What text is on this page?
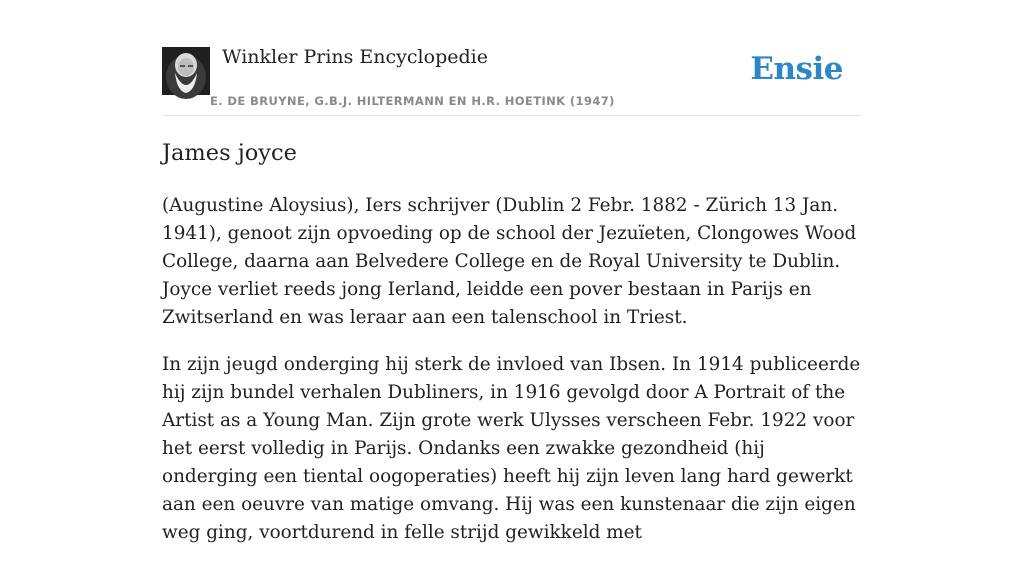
Winkler Prins Encyclopedie
E. DE BRUYNE, G.B.J. HILTERMANN EN H.R. HOETINK (1947)
Ensie
James joyce

(Augustine Aloysius), Iers schrijver (Dublin 2 Febr. 1882 - Zürich 13 Jan. 1941), genoot zijn opvoeding op de school der Jezuïeten, Clongowes Wood College, daarna aan Belvedere College en de Royal University te Dublin. Joyce verliet reeds jong Ierland, leidde een pover bestaan in Parijs en Zwitserland en was leraar aan een talenschool in Triest.

In zijn jeugd onderging hij sterk de invloed van Ibsen. In 1914 publiceerde hij zijn bundel verhalen Dubliners, in 1916 gevolgd door A Portrait of the Artist as a Young Man. Zijn grote werk Ulysses verscheen Febr. 1922 voor het eerst volledig in Parijs. Ondanks een zwakke gezondheid (hij onderging een tiental oogoperaties) heeft hij zijn leven lang hard gewerkt aan een oeuvre van matige omvang. Hij was een kunstenaar die zijn eigen weg ging, voortdurend in felle strijd gewikkeld met
